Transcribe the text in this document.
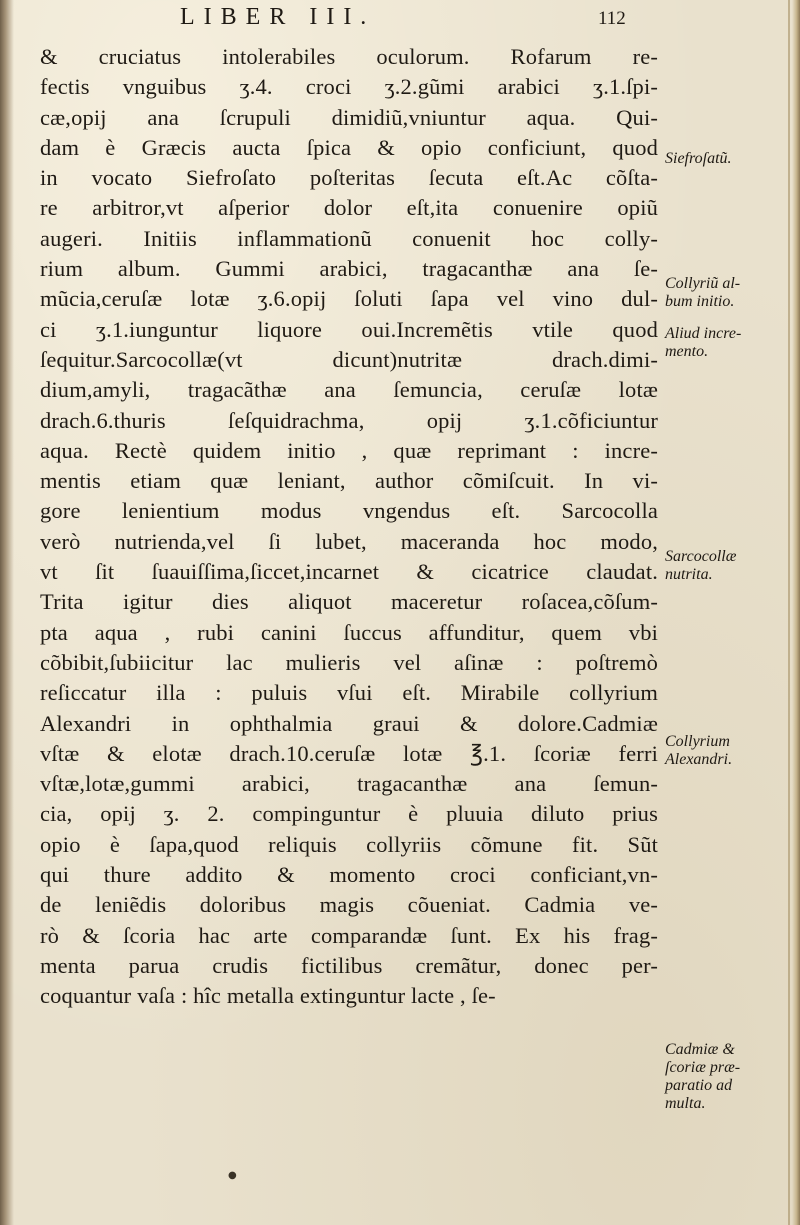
LIBER III.	112
& cruciatus intolerabiles oculorum. Rofarum re-
fectis vnguibus ʒ.4. croci ʒ.2.gũmi arabici ʒ.1.ſpi-
cæ,opij ana ſcrupuli dimidiũ,vniuntur aqua. Qui-
dam è Græcis aucta ſpica & opio conficiunt, quod
in vocato Siefroſato poſteritas ſecuta eſt.Ac cõſta-
re arbitror,vt aſperior dolor eſt,ita conuenire opiũ
augeri. Initiis inflammationũ conuenit hoc colly-
rium album. Gummi arabici, tragacanthæ ana ſe-
mũcia,ceruſæ lotæ ʒ.6.opij ſoluti ſapa vel vino dul-
ci ʒ.1.iunguntur liquore oui.Incremẽtis vtile quod
ſequitur.Sarcocollæ(vt dicunt)nutritæ drach.dimi-
dium,amyli, tragacãthæ ana ſemuncia, ceruſæ lotæ
drach.6.thuris ſeſquidrachma, opij ʒ.1.cõficiuntur
aqua. Rectè quidem initio , quæ reprimant : incre-
mentis etiam quæ leniant, author cõmiſcuit. In vi-
gore lenientium modus vngendus eſt. Sarcocolla
verò nutrienda,vel ſi lubet, maceranda hoc modo,
vt ſit ſuauiſſima,ſiccet,incarnet & cicatrice claudat.
Trita igitur dies aliquot maceretur roſacea,cõſum-
pta aqua , rubi canini ſuccus affunditur, quem vbi
cõbibit,ſubiicitur lac mulieris vel aſinæ : poſtremò
reſiccatur illa : puluis vſui eſt. Mirabile collyrium
Alexandri in ophthalmia graui & dolore.Cadmiæ
vſtæ & elotæ drach.10.ceruſæ lotæ ℥.1. ſcoriæ ferri
vſtæ,lotæ,gummi arabici, tragacanthæ ana ſemun-
cia, opij ʒ. 2. compinguntur è pluuia diluto prius
opio è ſapa,quod reliquis collyriis cõmune fit. Sũt
qui thure addito & momento croci conficiant,vn-
de leniẽdis doloribus magis cõueniat. Cadmia ve-
rò & ſcoria hac arte comparandæ ſunt. Ex his frag-
menta parua crudis fictilibus cremãtur, donec per-
coquantur vaſa : hîc metalla extinguntur lacte , ſe-
Siefroſatũ.
Collyriũ al-
bum initio.
Aliud incre-
mento.
Sarcocollæ
nutrita.
Collyrium
Alexandri.
Cadmiæ &
ſcoriæ præ-
paratio ad
multa.
●
